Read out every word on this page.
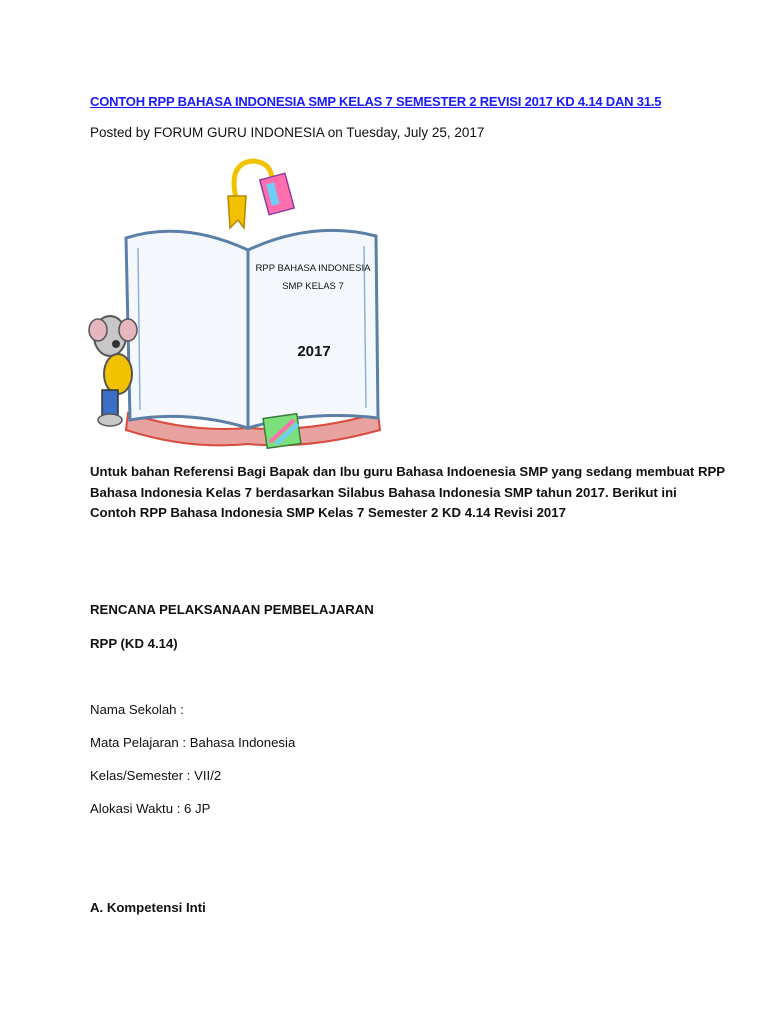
CONTOH RPP BAHASA INDONESIA SMP KELAS 7 SEMESTER 2 REVISI 2017 KD 4.14 DAN 31.5
Posted by FORUM GURU INDONESIA on Tuesday, July 25, 2017
RPP BAHASA INDONESIA
SMP KELAS 7
2017
Untuk bahan Referensi Bagi Bapak dan Ibu guru Bahasa Indoenesia SMP yang sedang membuat RPP
Bahasa Indonesia Kelas 7 berdasarkan Silabus Bahasa Indonesia SMP tahun 2017. Berikut ini
Contoh RPP Bahasa Indonesia SMP Kelas 7 Semester 2 KD 4.14 Revisi 2017
RENCANA PELAKSANAAN PEMBELAJARAN
RPP (KD 4.14)
Nama Sekolah :
Mata Pelajaran : Bahasa Indonesia
Kelas/Semester : VII/2
Alokasi Waktu : 6 JP
A. Kompetensi Inti
